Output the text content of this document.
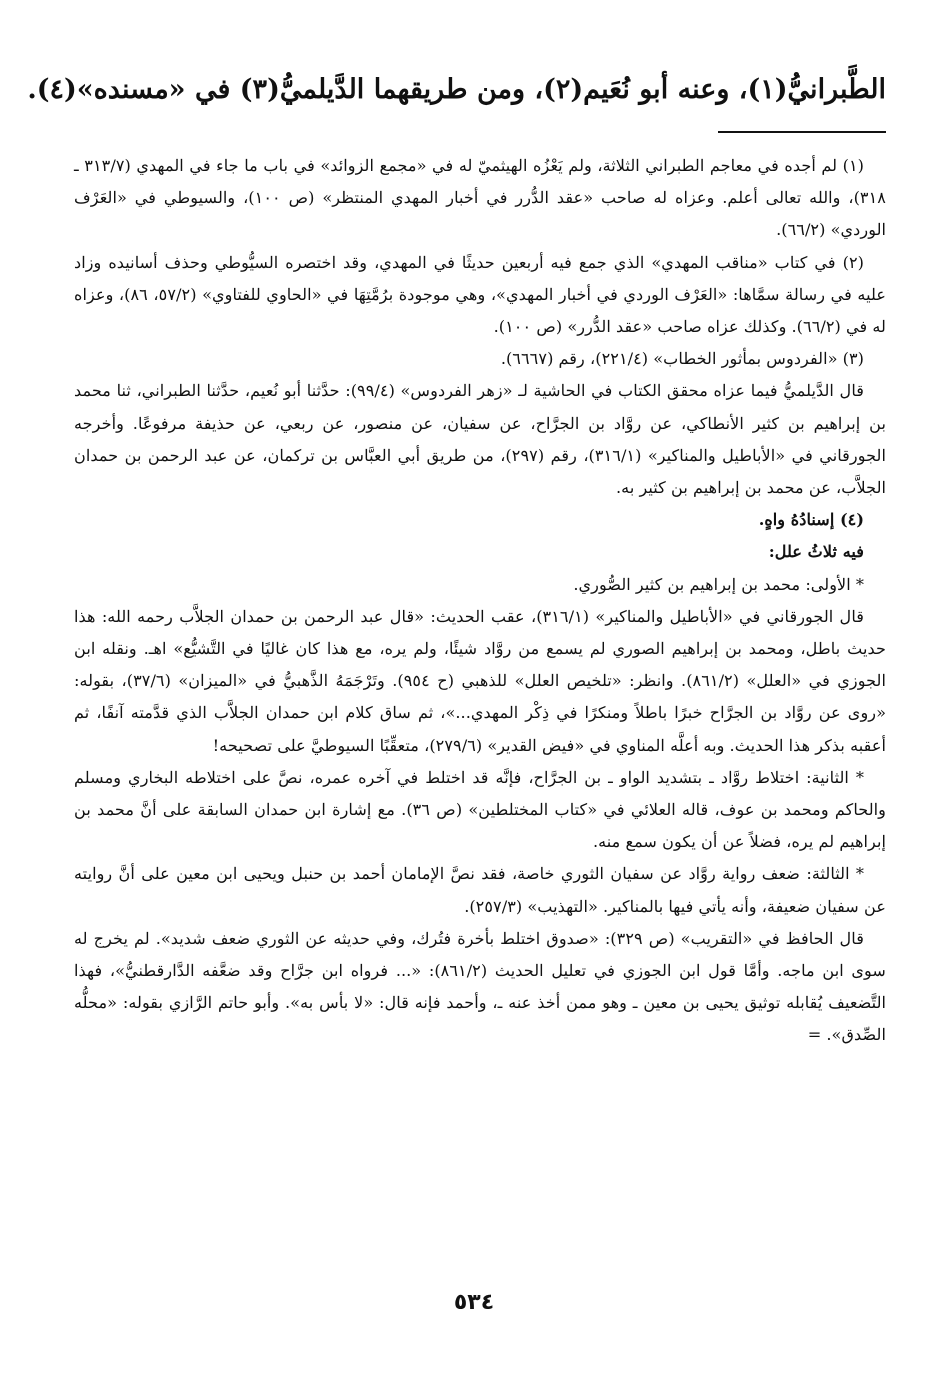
الطَّبرانيُّ(١)، وعنه أبو نُعَيم(٢)، ومن طريقهما الدَّيلميُّ(٣) في «مسنده»(٤).

(١) لم أجده في معاجم الطبراني الثلاثة، ولم يَعْزُه الهيثميّ له في «مجمع الزوائد» في باب ما جاء في المهدي (٣١٣/٧ ـ ٣١٨)، والله تعالى أعلم. وعزاه له صاحب «عقد الدُّرر في أخبار المهدي المنتظر» (ص ١٠٠)، والسيوطي في «العَرْف الوردي» (٦٦/٢).

(٢) في كتاب «مناقب المهدي» الذي جمع فيه أربعين حديثًا في المهدي، وقد اختصره السيُّوطي وحذف أسانيده وزاد عليه في رسالة سمَّاها: «العَرْف الوردي في أخبار المهدي»، وهي موجودة برُمَّتِهَا في «الحاوي للفتاوي» (٥٧/٢، ٨٦)، وعزاه له في (٦٦/٢). وكذلك عزاه صاحب «عقد الدُّرر» (ص ١٠٠).

(٣) «الفردوس بمأثور الخطاب» (٢٢١/٤)، رقم (٦٦٦٧).

قال الدَّيلميُّ فيما عزاه محقق الكتاب في الحاشية لـ «زهر الفردوس» (٩٩/٤): حدَّثنا أبو نُعيم، حدَّثنا الطبراني، ثنا محمد بن إبراهيم بن كثير الأنطاكي، عن روَّاد بن الجرَّاح، عن سفيان، عن منصور، عن ربعي، عن حذيفة مرفوعًا. وأخرجه الجورقاني في «الأباطيل والمناكير» (٣١٦/١)، رقم (٢٩٧)، من طريق أبي العبَّاس بن تركمان، عن عبد الرحمن بن حمدان الجلاَّب، عن محمد بن إبراهيم بن كثير به.

(٤) إسنادُهُ واهٍ.

فيه ثلاثُ علل:

* الأولى: محمد بن إبراهيم بن كثير الصُّوري.

قال الجورقاني في «الأباطيل والمناكير» (٣١٦/١)، عقب الحديث: «قال عبد الرحمن بن حمدان الجلاَّب رحمه الله: هذا حديث باطل، ومحمد بن إبراهيم الصوري لم يسمع من روَّاد شيئًا، ولم يره، مع هذا كان غاليًا في التَّشيُّع» اهـ. ونقله ابن الجوزي في «العلل» (٨٦١/٢). وانظر: «تلخيص العلل» للذهبي (ح ٩٥٤). وتَرْجَمَهُ الذَّهبيُّ في «الميزان» (٣٧/٦)، بقوله: «روى عن روَّاد بن الجرَّاح خبرًا باطلاً ومنكرًا في ذِكْر المهدي...»، ثم ساق كلام ابن حمدان الجلاَّب الذي قدَّمته آنفًا، ثم أعقبه بذكر هذا الحديث. وبه أعلَّه المناوي في «فيض القدير» (٢٧٩/٦)، متعقِّبًا السيوطيَّ على تصحيحه!

* الثانية: اختلاط روَّاد ـ بتشديد الواو ـ بن الجرَّاح، فإنَّه قد اختلط في آخره عمره، نصَّ على اختلاطه البخاري ومسلم والحاكم ومحمد بن عوف، قاله العلائي في «كتاب المختلطين» (ص ٣٦). مع إشارة ابن حمدان السابقة على أنَّ محمد بن إبراهيم لم يره، فضلاً عن أن يكون سمع منه.

* الثالثة: ضعف رواية روَّاد عن سفيان الثوري خاصة، فقد نصَّ الإمامان أحمد بن حنبل ويحيى ابن معين على أنَّ روايته عن سفيان ضعيفة، وأنه يأتي فيها بالمناكير. «التهذيب» (٢٥٧/٣).

قال الحافظ في «التقريب» (ص ٣٢٩): «صدوق اختلط بأخرة فتُرك، وفي حديثه عن الثوري ضعف شديد». لم يخرج له سوى ابن ماجه. وأمَّا قول ابن الجوزي في تعليل الحديث (٨٦١/٢): «... فرواه ابن جرَّاح وقد ضعَّفه الدَّارقطنيُّ»، فهذا التَّضعيف يُقابله توثيق يحيى بن معين ـ وهو ممن أخذ عنه ـ، وأحمد فإنه قال: «لا بأس به». وأبو حاتم الرَّازي بقوله: «محلُّه الصِّدق». =

٥٣٤
